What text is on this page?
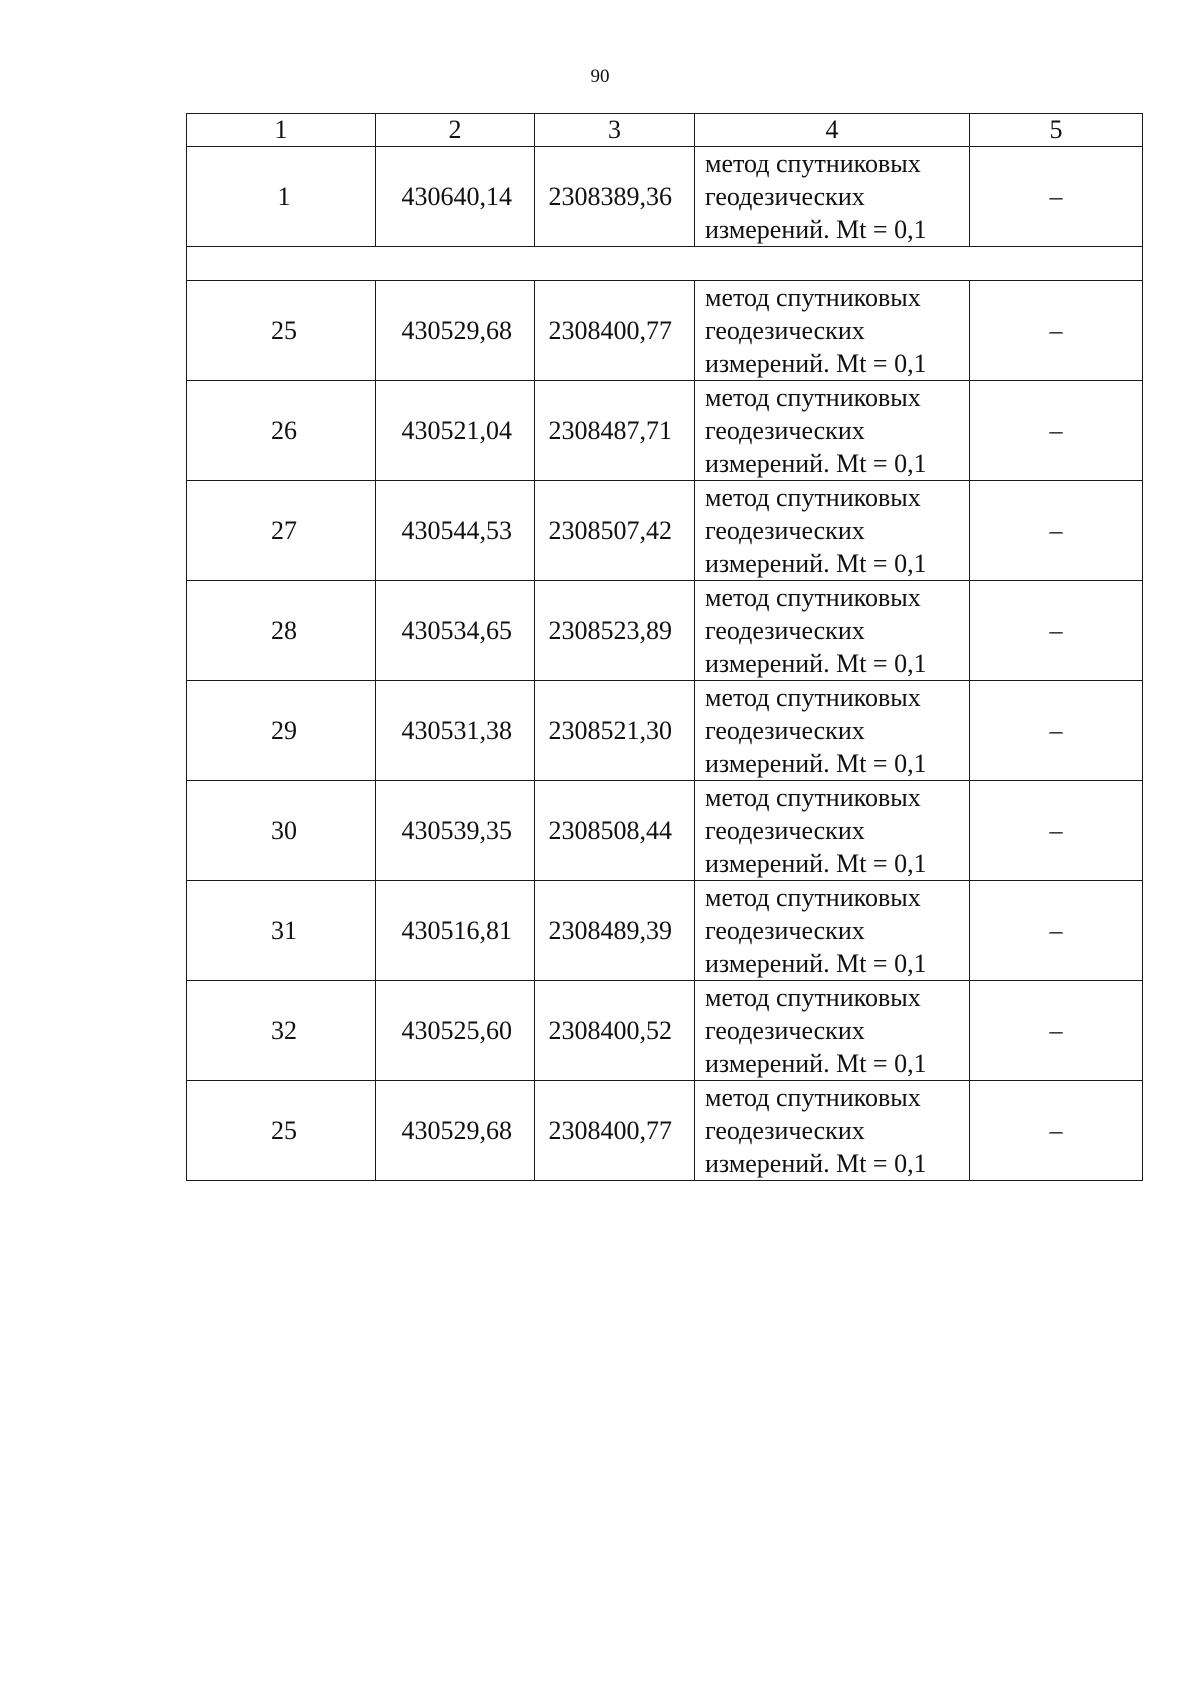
90
1	2	3	4	5
1	430640,14	2308389,36	метод спутниковых
геодезических
измерений. Mt = 0,1	–

25	430529,68	2308400,77	метод спутниковых
геодезических
измерений. Mt = 0,1	–
26	430521,04	2308487,71	метод спутниковых
геодезических
измерений. Mt = 0,1	–
27	430544,53	2308507,42	метод спутниковых
геодезических
измерений. Mt = 0,1	–
28	430534,65	2308523,89	метод спутниковых
геодезических
измерений. Mt = 0,1	–
29	430531,38	2308521,30	метод спутниковых
геодезических
измерений. Mt = 0,1	–
30	430539,35	2308508,44	метод спутниковых
геодезических
измерений. Mt = 0,1	–
31	430516,81	2308489,39	метод спутниковых
геодезических
измерений. Mt = 0,1	–
32	430525,60	2308400,52	метод спутниковых
геодезических
измерений. Mt = 0,1	–
25	430529,68	2308400,77	метод спутниковых
геодезических
измерений. Mt = 0,1	–
